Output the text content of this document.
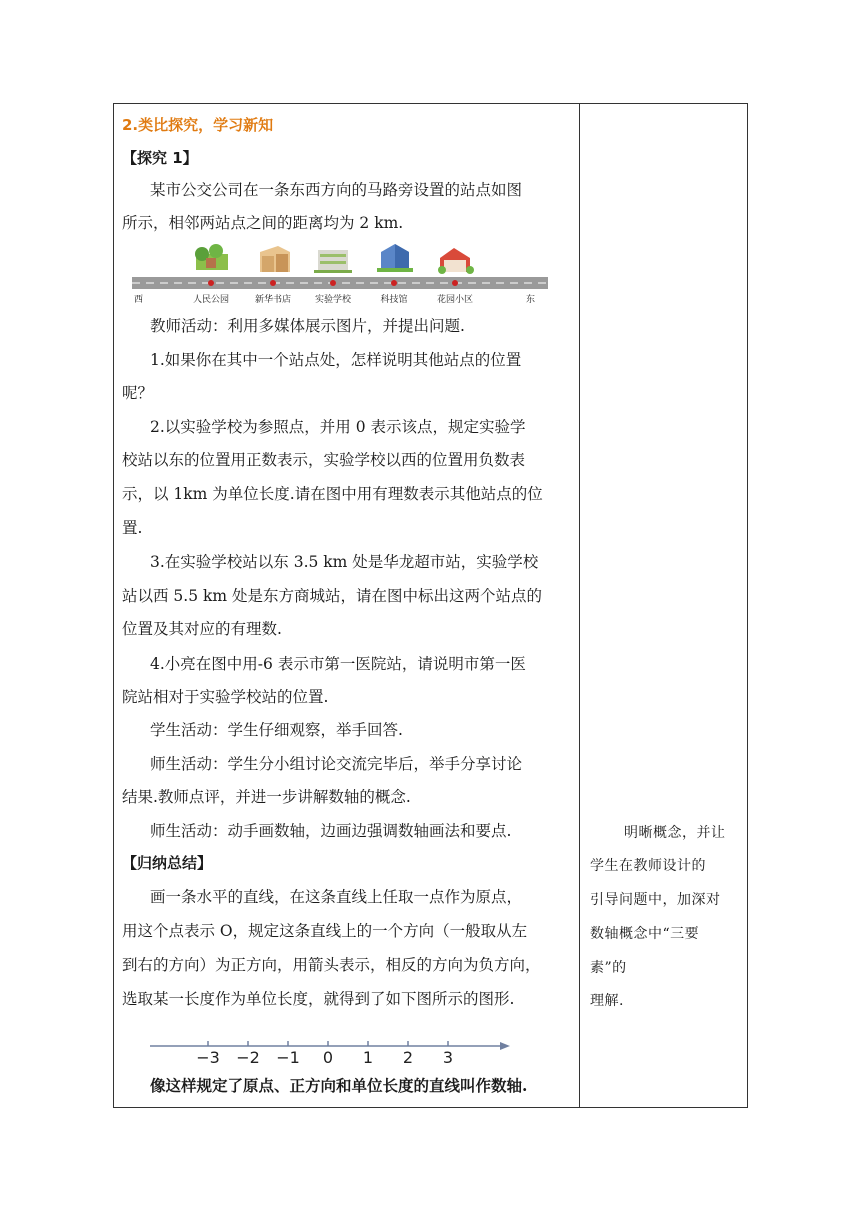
2.类比探究，学习新知
【探究 1】
某市公交公司在一条东西方向的马路旁设置的站点如图
所示，相邻两站点之间的距离均为 2 km.
西	人民公园	新华书店	实验学校	科技馆	花园小区	东
教师活动：利用多媒体展示图片，并提出问题.
1.如果你在其中一个站点处，怎样说明其他站点的位置
呢？
2.以实验学校为参照点，并用 0 表示该点，规定实验学
校站以东的位置用正数表示，实验学校以西的位置用负数表
示，以 1km 为单位长度.请在图中用有理数表示其他站点的位
置.
3.在实验学校站以东 3.5 km 处是华龙超市站，实验学校
站以西 5.5 km 处是东方商城站，请在图中标出这两个站点的
位置及其对应的有理数.
4.小亮在图中用-6 表示市第一医院站，请说明市第一医
院站相对于实验学校站的位置.
学生活动：学生仔细观察，举手回答.
师生活动：学生分小组讨论交流完毕后，举手分享讨论
结果.教师点评，并进一步讲解数轴的概念.
师生活动：动手画数轴，边画边强调数轴画法和要点.
【归纳总结】
画一条水平的直线，在这条直线上任取一点作为原点，
用这个点表示 O，规定这条直线上的一个方向（一般取从左
到右的方向）为正方向，用箭头表示，相反的方向为负方向，
选取某一长度作为单位长度，就得到了如下图所示的图形.
−3 −2 −1 0 1 2 3
像这样规定了原点、正方向和单位长度的直线叫作数轴.
明晰概念，并让
学生在教师设计的
引导问题中，加深对
数轴概念中“三要
素”的
理解.
